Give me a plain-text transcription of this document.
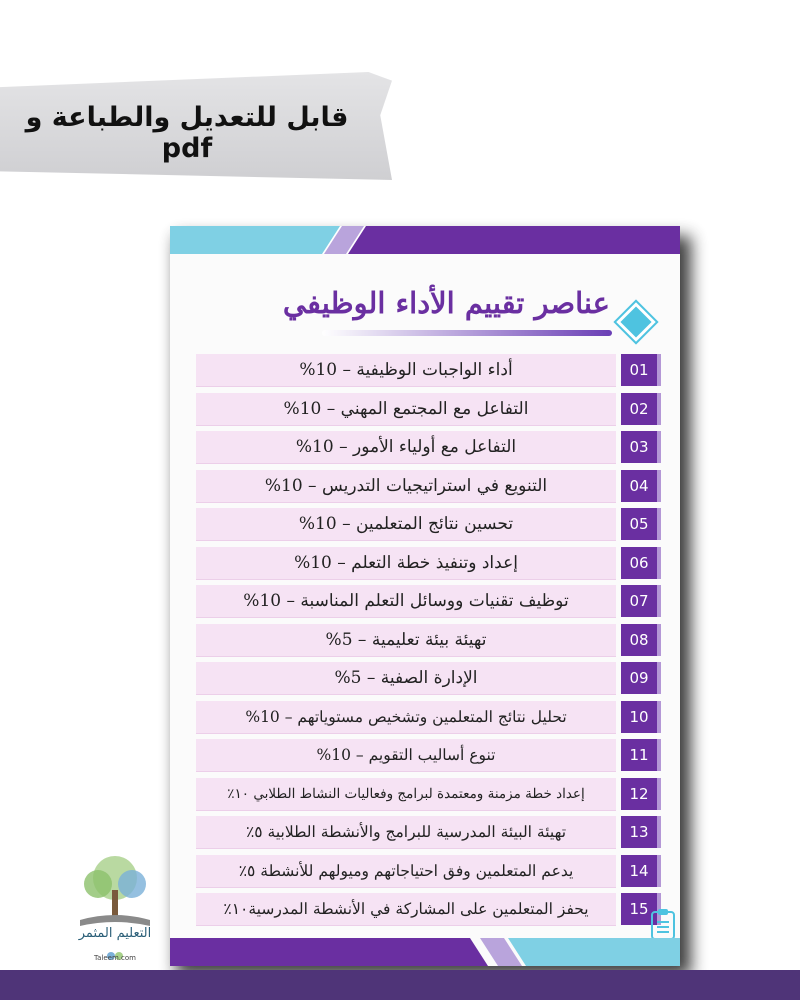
قابل للتعديل والطباعة و pdf
عناصر تقييم الأداء الوظيفي
أداء الواجبات الوظيفية – 10%	01
التفاعل مع المجتمع المهني – 10%	02
التفاعل مع أولياء الأمور – 10%	03
التنويع في استراتيجيات التدريس – 10%	04
تحسين نتائج المتعلمين – 10%	05
إعداد وتنفيذ خطة التعلم – 10%	06
توظيف تقنيات ووسائل التعلم المناسبة – 10%	07
تهيئة بيئة تعليمية – 5%	08
الإدارة الصفية – 5%	09
تحليل نتائج المتعلمين وتشخيص مستوياتهم – 10%	10
تنوع أساليب التقويم – 10%	11
إعداد خطة مزمنة ومعتمدة لبرامج وفعاليات النشاط الطلابي ١٠٪	12
تهيئة البيئة المدرسية للبرامج والأنشطة الطلابية ٥٪	13
يدعم المتعلمين وفق احتياجاتهم وميولهم للأنشطة ٥٪	14
يحفز المتعلمين على المشاركة في الأنشطة المدرسية١٠٪	15
التعليم المثمر
Taleem.com
